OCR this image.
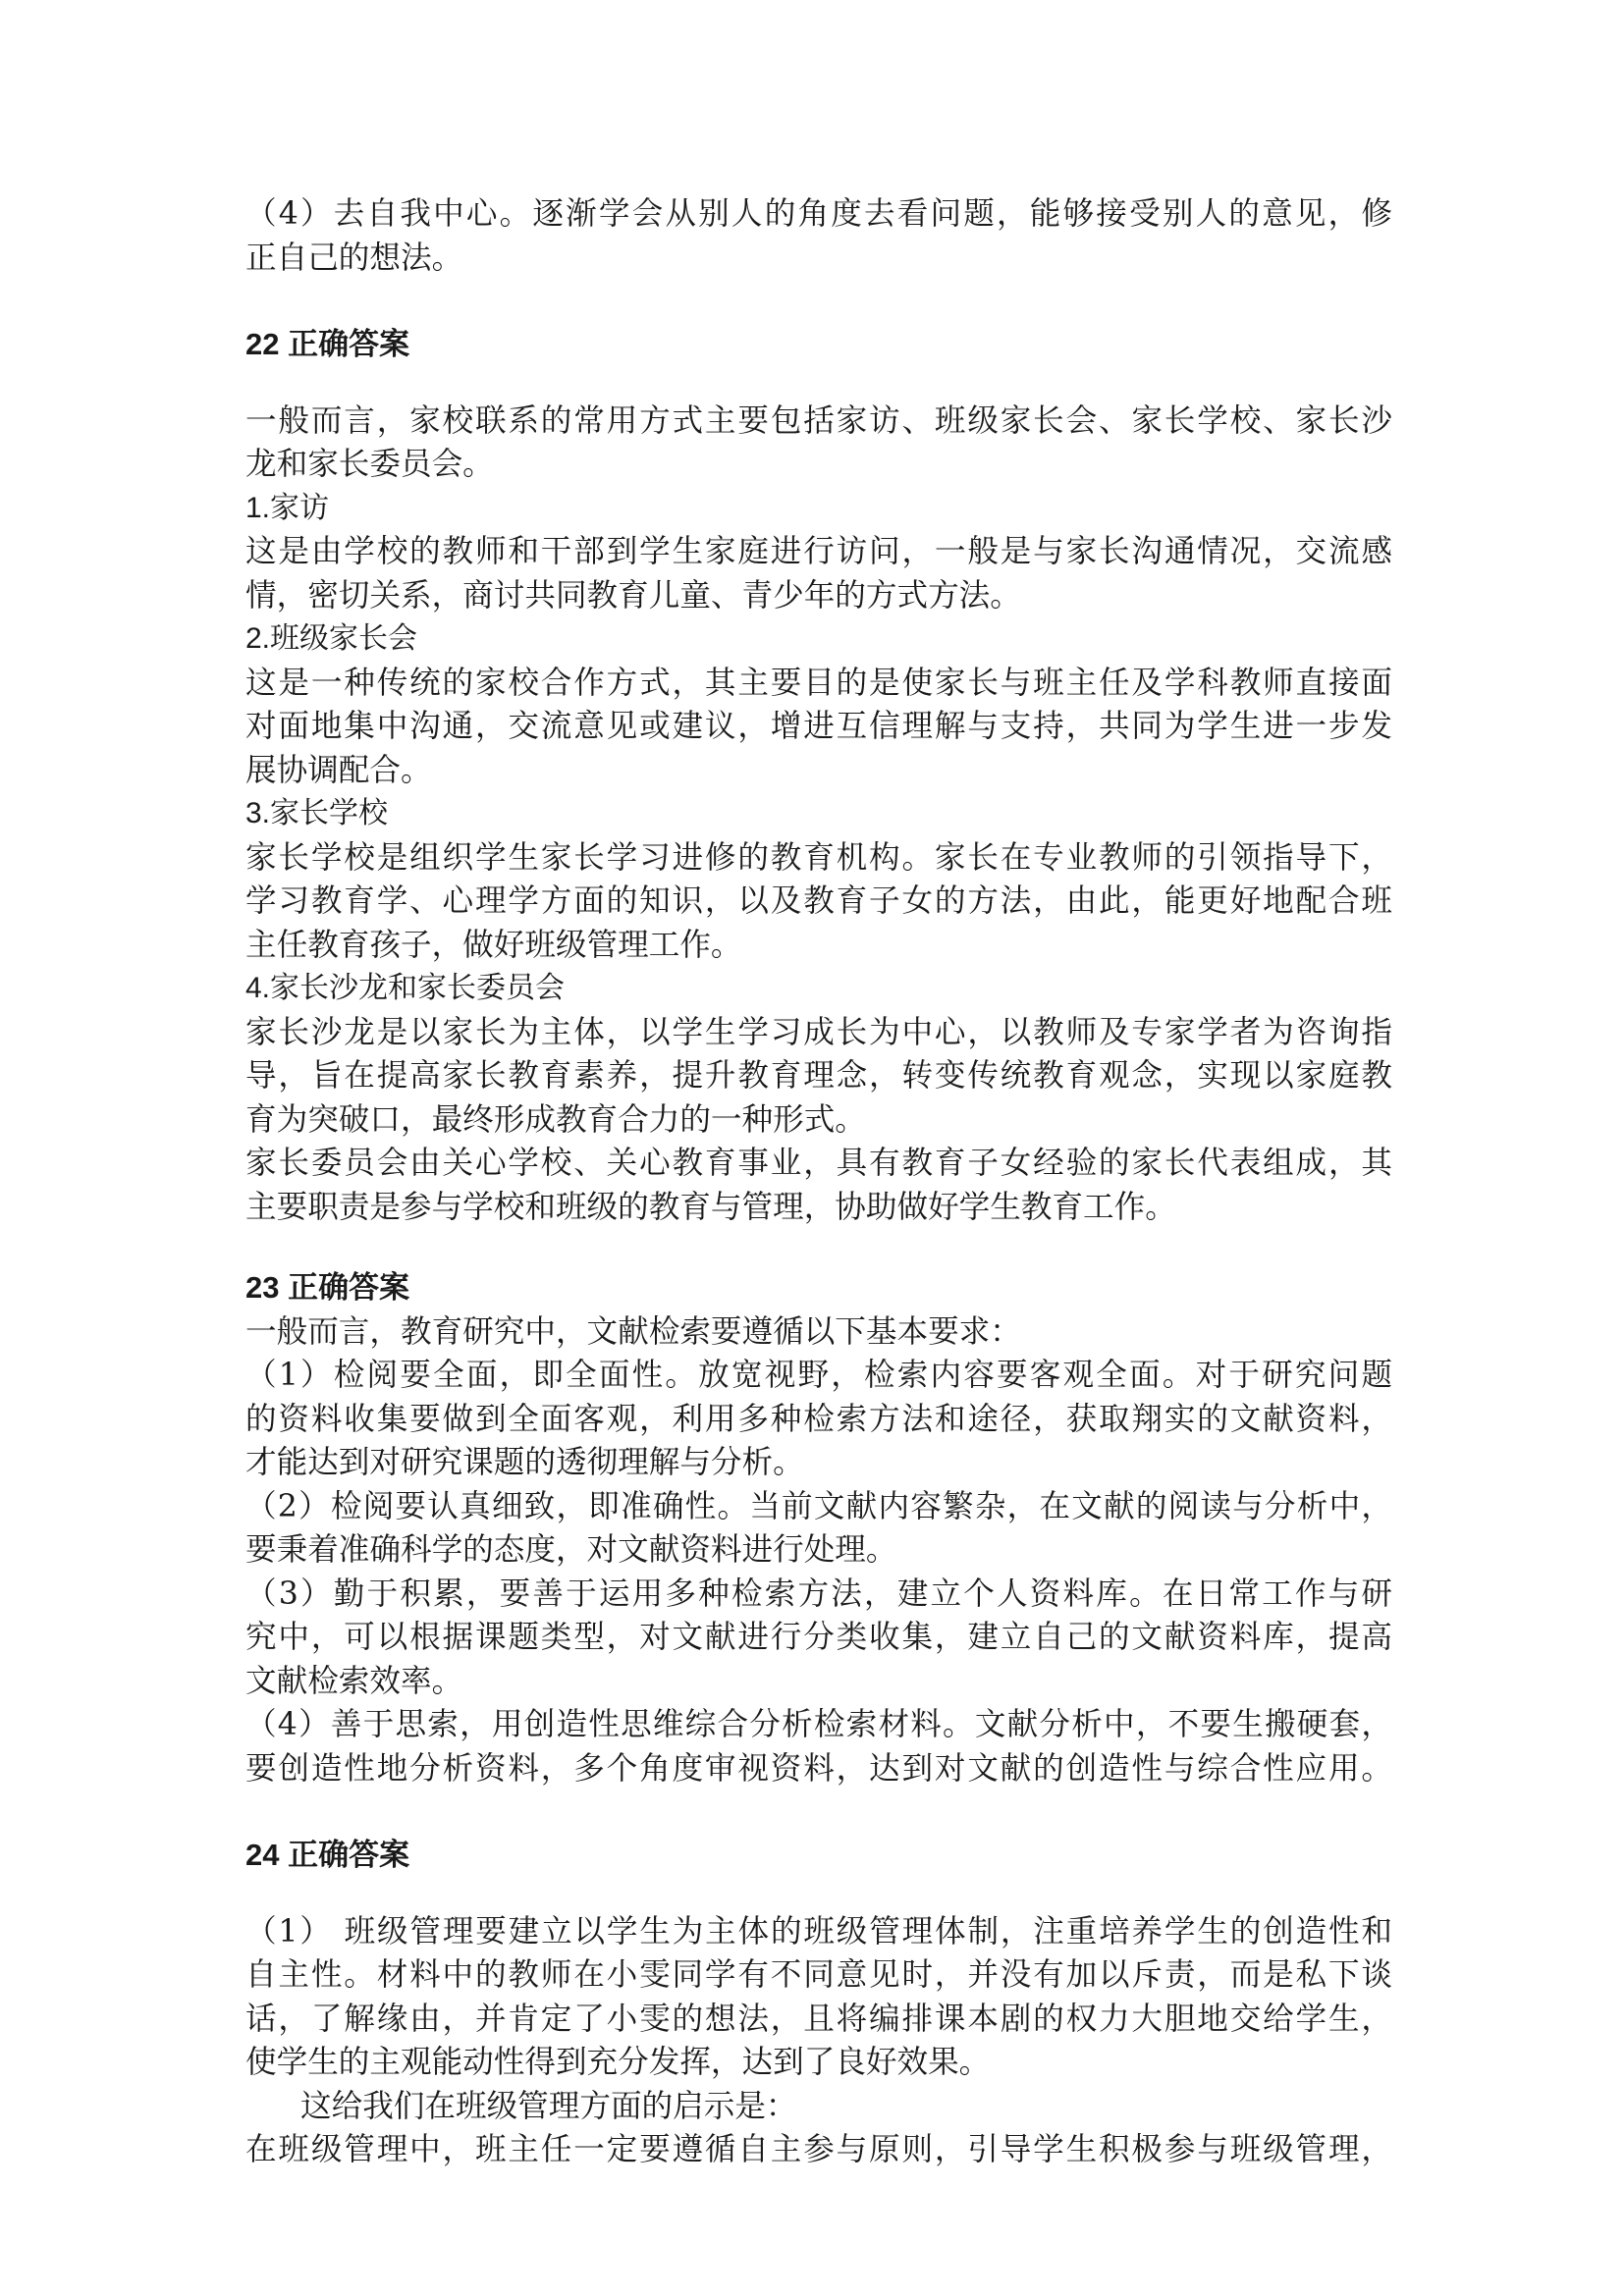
（4）去自我中心。逐渐学会从别人的角度去看问题，能够接受别人的意见，修
正自己的想法。
22 正确答案
一般而言，家校联系的常用方式主要包括家访、班级家长会、家长学校、家长沙
龙和家长委员会。
1.家访
这是由学校的教师和干部到学生家庭进行访问，一般是与家长沟通情况，交流感
情，密切关系，商讨共同教育儿童、青少年的方式方法。
2.班级家长会
这是一种传统的家校合作方式，其主要目的是使家长与班主任及学科教师直接面
对面地集中沟通，交流意见或建议，增进互信理解与支持，共同为学生进一步发
展协调配合。
3.家长学校
家长学校是组织学生家长学习进修的教育机构。家长在专业教师的引领指导下，
学习教育学、心理学方面的知识，以及教育子女的方法，由此，能更好地配合班
主任教育孩子，做好班级管理工作。
4.家长沙龙和家长委员会
家长沙龙是以家长为主体，以学生学习成长为中心，以教师及专家学者为咨询指
导，旨在提高家长教育素养，提升教育理念，转变传统教育观念，实现以家庭教
育为突破口，最终形成教育合力的一种形式。
家长委员会由关心学校、关心教育事业，具有教育子女经验的家长代表组成，其
主要职责是参与学校和班级的教育与管理，协助做好学生教育工作。
23 正确答案
一般而言，教育研究中，文献检索要遵循以下基本要求：
（1）检阅要全面，即全面性。放宽视野，检索内容要客观全面。对于研究问题
的资料收集要做到全面客观，利用多种检索方法和途径，获取翔实的文献资料，
才能达到对研究课题的透彻理解与分析。
（2）检阅要认真细致，即准确性。当前文献内容繁杂，在文献的阅读与分析中，
要秉着准确科学的态度，对文献资料进行处理。
（3）勤于积累，要善于运用多种检索方法，建立个人资料库。在日常工作与研
究中，可以根据课题类型，对文献进行分类收集，建立自己的文献资料库，提高
文献检索效率。
（4）善于思索，用创造性思维综合分析检索材料。文献分析中，不要生搬硬套，
要创造性地分析资料，多个角度审视资料，达到对文献的创造性与综合性应用。
24 正确答案
（1） 班级管理要建立以学生为主体的班级管理体制，注重培养学生的创造性和
自主性。材料中的教师在小雯同学有不同意见时，并没有加以斥责，而是私下谈
话，了解缘由，并肯定了小雯的想法，且将编排课本剧的权力大胆地交给学生，
使学生的主观能动性得到充分发挥，达到了良好效果。
这给我们在班级管理方面的启示是：
在班级管理中，班主任一定要遵循自主参与原则，引导学生积极参与班级管理，
